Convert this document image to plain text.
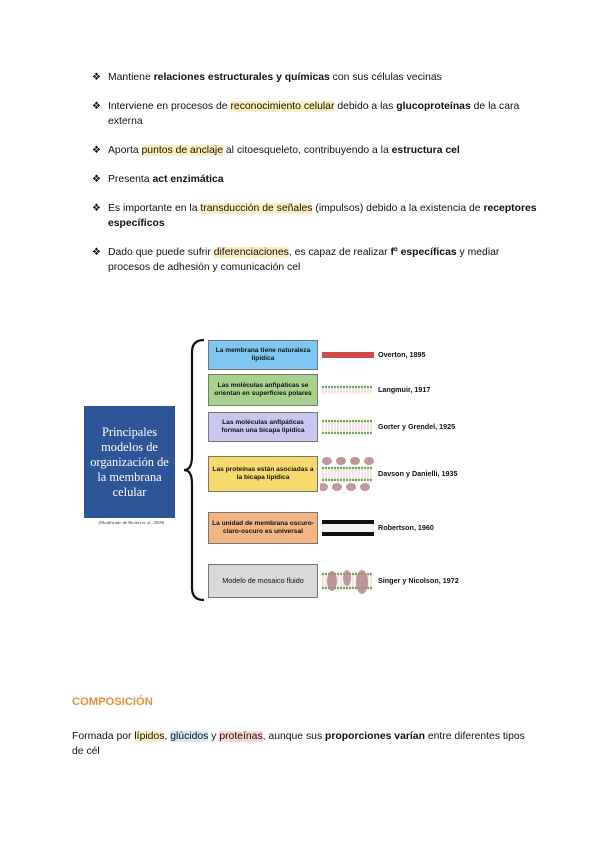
❖ Mantiene relaciones estructurales y químicas con sus células vecinas
❖ Interviene en procesos de reconocimiento celular debido a las glucoproteínas de la cara externa
❖ Aporta puntos de anclaje al citoesqueleto, contribuyendo a la estructura cel
❖ Presenta act enzimática
❖ Es importante en la transducción de señales (impulsos) debido a la existencia de receptores específicos
❖ Dado que puede sufrir diferenciaciones, es capaz de realizar fº específicas y mediar procesos de adhesión y comunicación cel
Principales modelos de organización de la membrana celular
(Modificado de Becker et al., 2009)
La membrana tiene naturaleza lipídica	Overton, 1895
Las moléculas anfipáticas se orientan en superficies polares	Langmuir, 1917
Las moléculas anfipáticas forman una bicapa lipídica	Gorter y Grendel, 1925
Las proteínas están asociadas a la bicapa lipídica	Davson y Danielli, 1935
La unidad de membrana oscuro-claro-oscuro es universal	Robertson, 1960
Modelo de mosaico fluido	Singer y Nicolson, 1972
COMPOSICIÓN
Formada por lípidos, glúcidos y proteínas, aunque sus proporciones varían entre diferentes tipos de cél
